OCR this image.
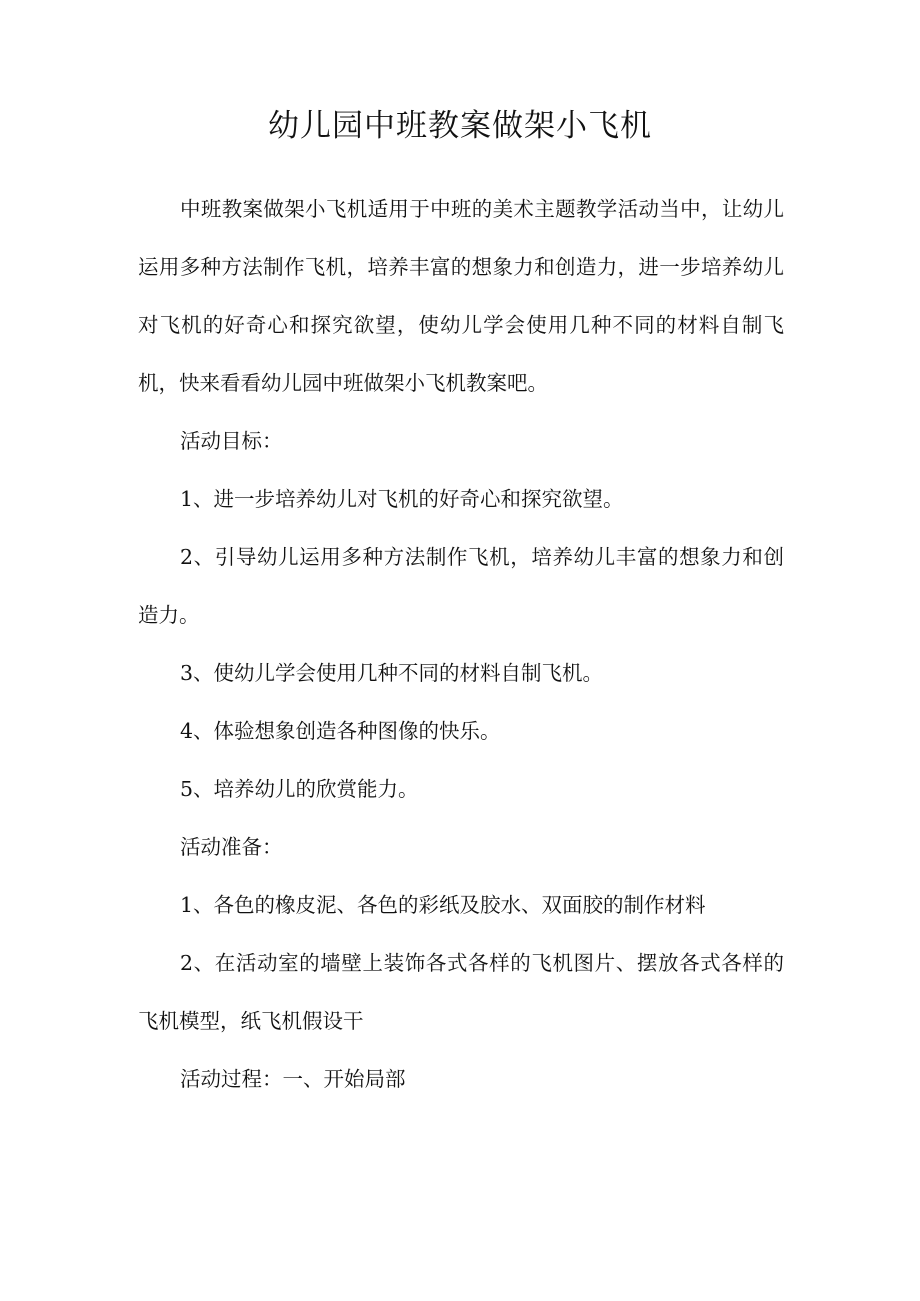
幼儿园中班教案做架小飞机

中班教案做架小飞机适用于中班的美术主题教学活动当中，让幼儿运用多种方法制作飞机，培养丰富的想象力和创造力，进一步培养幼儿对飞机的好奇心和探究欲望，使幼儿学会使用几种不同的材料自制飞机，快来看看幼儿园中班做架小飞机教案吧。

活动目标：

1、进一步培养幼儿对飞机的好奇心和探究欲望。

2、引导幼儿运用多种方法制作飞机，培养幼儿丰富的想象力和创造力。

3、使幼儿学会使用几种不同的材料自制飞机。

4、体验想象创造各种图像的快乐。

5、培养幼儿的欣赏能力。

活动准备：

1、各色的橡皮泥、各色的彩纸及胶水、双面胶的制作材料

2、在活动室的墙壁上装饰各式各样的飞机图片、摆放各式各样的飞机模型，纸飞机假设干

活动过程：一、开始局部
